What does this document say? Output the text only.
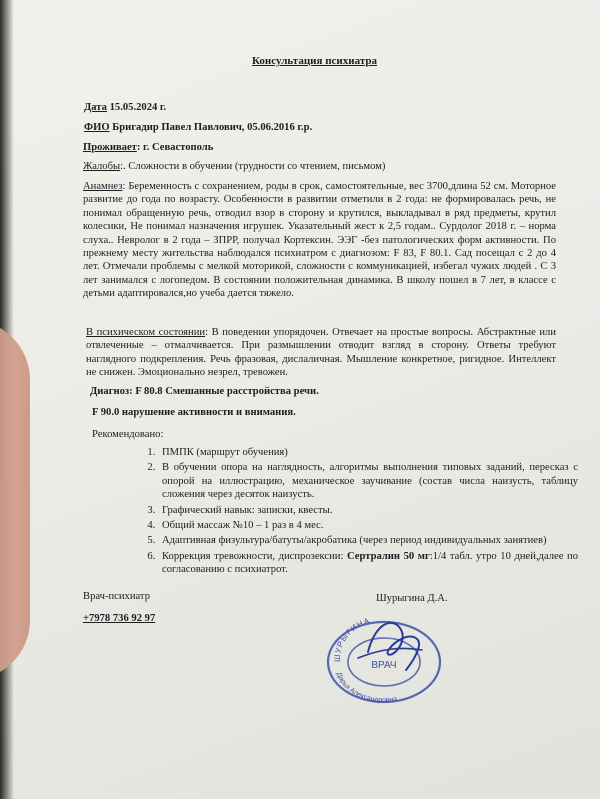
Консультация психиатра
Дата 15.05.2024 г.
ФИО Бригадир Павел Павлович, 05.06.2016 г.р.
Проживает: г. Севастополь
Жалобы:. Сложности в обучении (трудности со чтением, письмом)
Анамнез: Беременность с сохранением, роды в срок, самостоятельные, вес 3700,длина 52 см. Моторное развитие до года по возрасту. Особенности в развитии отметили в 2 года: не формировалась речь, не понимал обращенную речь, отводил взор в сторону и крутился, выкладывал в ряд предметы, крутил колесики, Не понимал назначения игрушек. Указательный жест к 2,5 годам.. Сурдолог 2018 г. – норма слуха.. Невролог в 2 года – ЗПРР, получал Кортексин. ЭЭГ -без патологических форм активности. По прежнему месту жительства наблюдался психиатром с диагнозом: F 83, F 80.1. Сад посещал с 2 до 4 лет. Отмечали проблемы с мелкой моторикой, сложности с коммуникацией, избегал чужих людей . С 3 лет занимался с логопедом. В состоянии положительная динамика. В школу пошел в 7 лет, в классе с детьми адаптировался,но учеба дается тяжело.
В психическом состоянии: В поведении упорядочен. Отвечает на простые вопросы. Абстрактные или отвлеченные – отмалчивается. При размышлении отводит взгляд в сторону. Ответы требуют наглядного подкрепления. Речь фразовая, дислаличная. Мышление конкретное, ригидное. Интеллект не снижен. Эмоционально незрел, тревожен.
Диагноз: F 80.8 Смешанные расстройства речи.
F 90.0 нарушение активности и внимания.
Рекомендовано:
1. ПМПК (маршрут обучения)
2. В обучении опора на наглядность, алгоритмы выполнения типовых заданий, пересказ с опорой на иллюстрацию, механическое заучивание (состав числа наизусть, таблицу сложения через десяток наизусть.
3. Графический навык: записки, квесты.
4. Общий массаж №10 – 1 раз в 4 мес.
5. Адаптивная физультура/батуты/акробатика (через период индивидуальных занятиев)
6. Коррекция тревожности, диспрозексии: Сертралин 50 мг:1/4 табл. утро 10 дней,далее по согласованию с психиатрот.
Врач-психиатр	Шурыгина Д.А.
+7978 736 92 97
ШУРЫГИНА
Дарья Александровна
ВРАЧ
